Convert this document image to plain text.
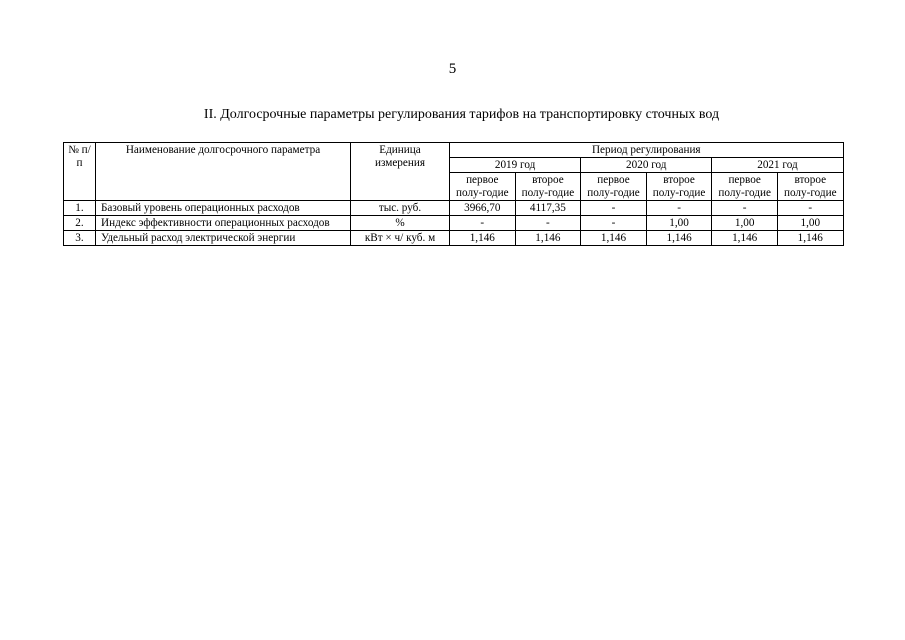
5
II. Долгосрочные параметры регулирования тарифов на транспортировку сточных вод
№ п/п	Наименование долгосрочного параметра	Единица измерения	Период регулирования					
			2019 год		2020 год		2021 год	
			первое полу-годие	второе полу-годие	первое полу-годие	второе полу-годие	первое полу-годие	второе полу-годие
1.	Базовый уровень операционных расходов	тыс. руб.	3966,70	4117,35	-	-	-	-
2.	Индекс эффективности операционных расходов	%	-	-	-	1,00	1,00	1,00
3.	Удельный расход электрической энергии	кВт × ч/ куб. м	1,146	1,146	1,146	1,146	1,146	1,146
